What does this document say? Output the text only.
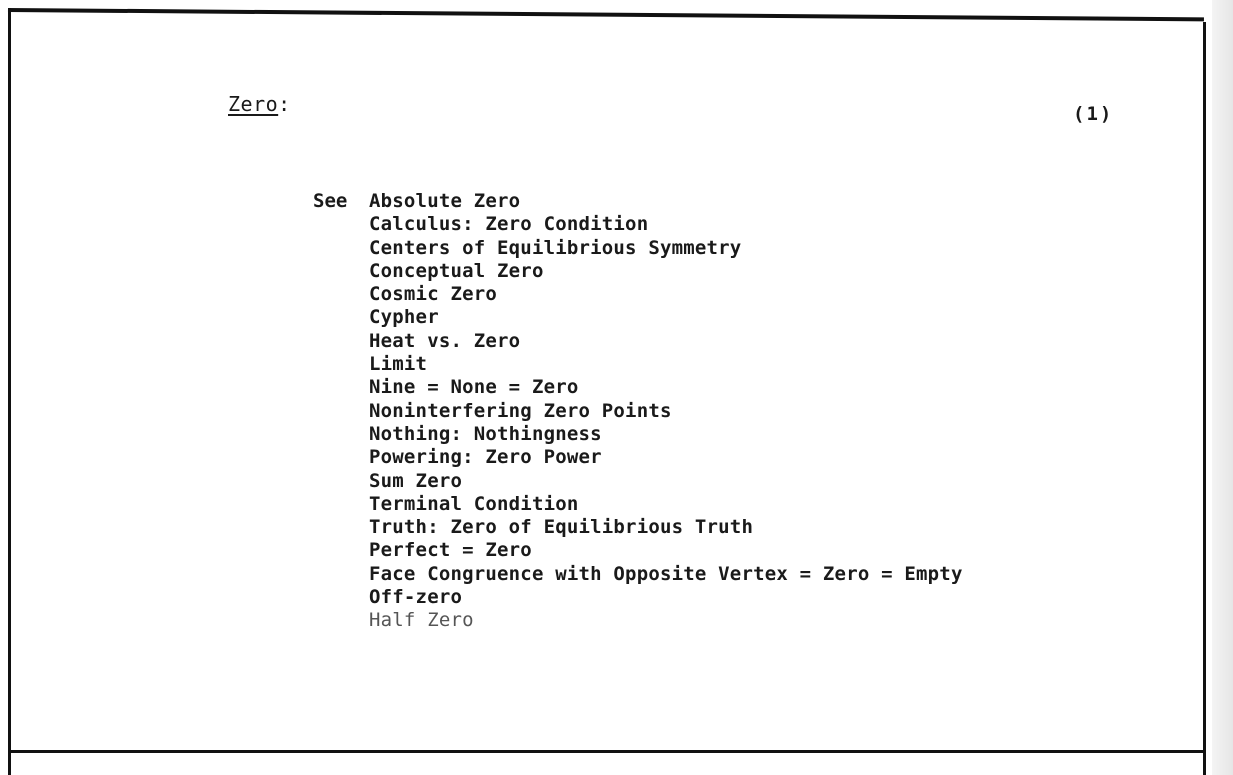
Zero:	(1)
See Absolute Zero
Calculus: Zero Condition
Centers of Equilibrious Symmetry
Conceptual Zero
Cosmic Zero
Cypher
Heat vs. Zero
Limit
Nine = None = Zero
Noninterfering Zero Points
Nothing: Nothingness
Powering: Zero Power
Sum Zero
Terminal Condition
Truth: Zero of Equilibrious Truth
Perfect = Zero
Face Congruence with Opposite Vertex = Zero = Empty
Off-zero
Half Zero
